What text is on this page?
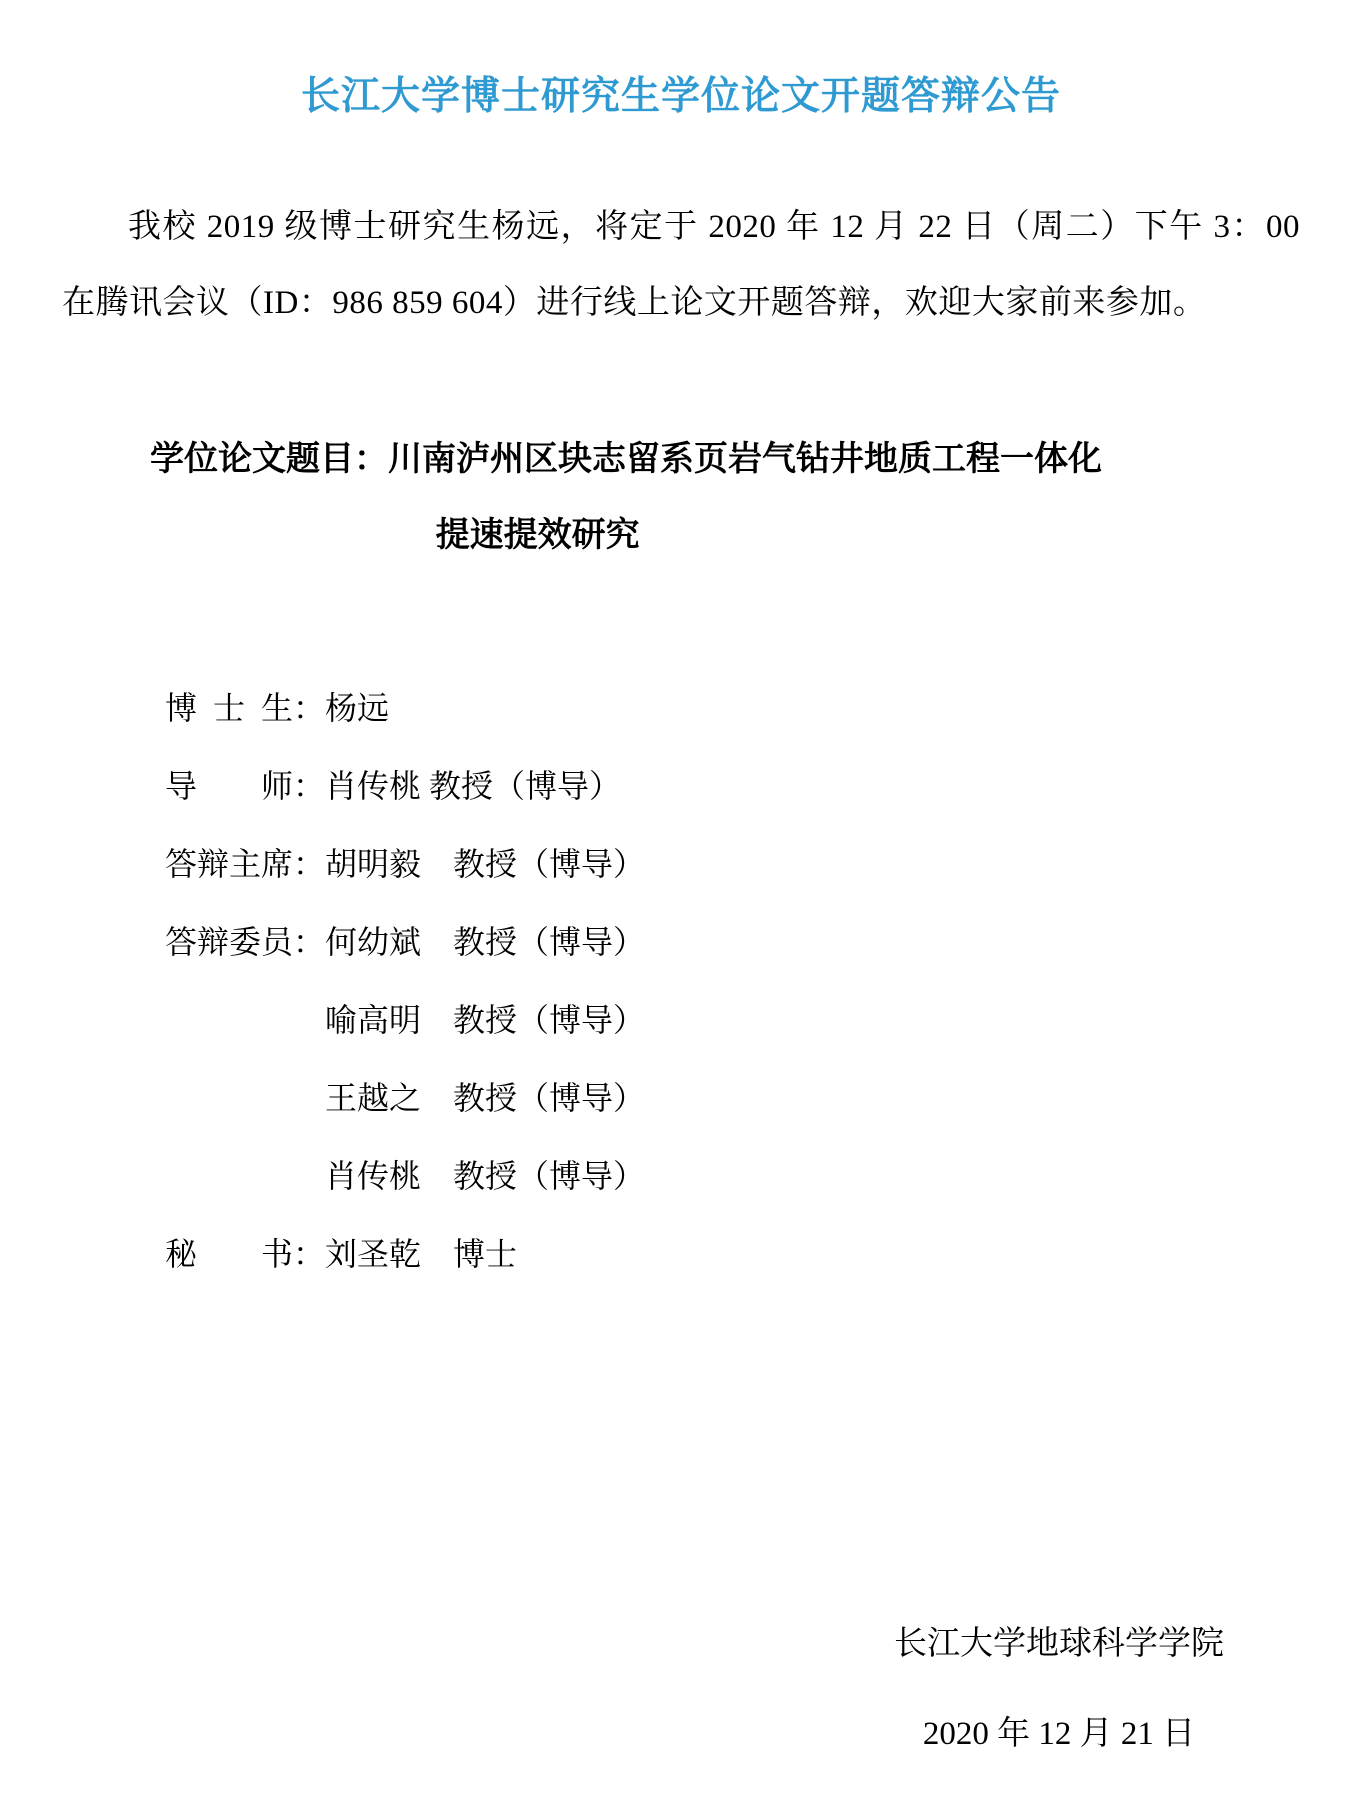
长江大学博士研究生学位论文开题答辩公告

我校 2019 级博士研究生杨远，将定于 2020 年 12 月 22 日（周二）下午 3：00 在腾讯会议（ID：986 859 604）进行线上论文开题答辩，欢迎大家前来参加。

学位论文题目：川南泸州区块志留系页岩气钻井地质工程一体化
提速提效研究
博士生：杨远
导师：肖传桃 教授（博导）
答辩主席：胡明毅　教授（博导）
答辩委员：何幼斌　教授（博导）
喻高明　教授（博导）
王越之　教授（博导）
肖传桃　教授（博导）
秘书：刘圣乾　博士
长江大学地球科学学院
2020 年 12 月 21 日
